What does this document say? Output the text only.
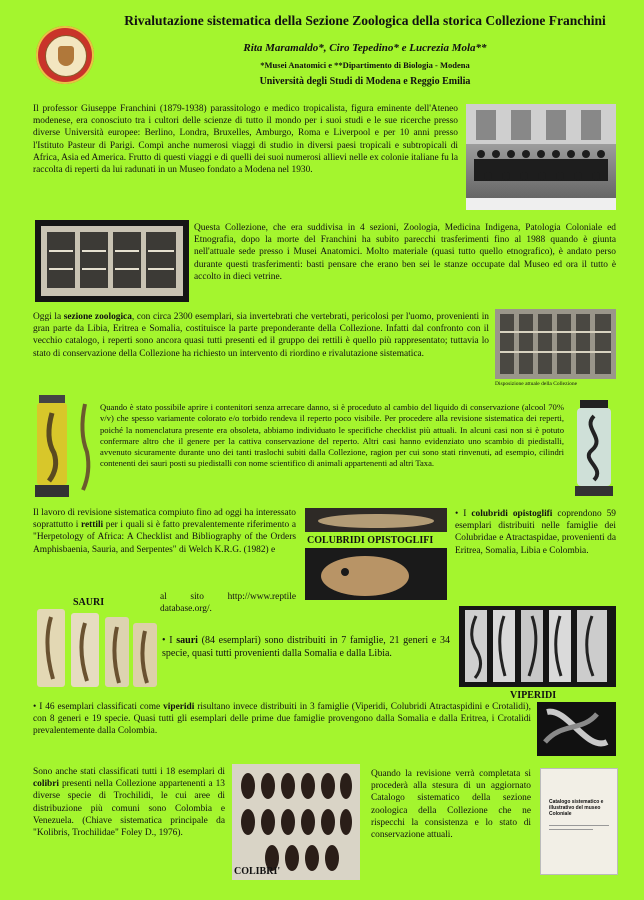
Rivalutazione sistematica della Sezione Zoologica della storica Collezione Franchini
Rita Maramaldo*, Ciro Tepedino* e Lucrezia Mola**
*Musei Anatomici e **Dipartimento di Biologia - Modena
Università degli Studi di Modena e Reggio Emilia
Il professor Giuseppe Franchini (1879-1938) parassitologo e medico tropicalista, figura eminente dell'Ateneo modenese, era conosciuto tra i cultori delle scienze di tutto il mondo per i suoi studi e le sue ricerche presso diverse Università europee: Berlino, Londra, Bruxelles, Amburgo, Roma e Liverpool e per 10 anni presso l'Istituto Pasteur di Parigi. Compì anche numerosi viaggi di studio in diversi paesi tropicali e subtropicali di Africa, Asia ed America. Frutto di questi viaggi e di quelli dei suoi numerosi allievi nelle ex colonie italiane fu la raccolta di reperti da lui radunati in un Museo fondato a Modena nel 1930.
Questa Collezione, che era suddivisa in 4 sezioni, Zoologia, Medicina Indigena, Patologia Coloniale ed Etnografia, dopo la morte del Franchini ha subito parecchi trasferimenti fino al 1988 quando è giunta nell'attuale sede presso i Musei Anatomici. Molto materiale (quasi tutto quello etnografico), è andato perso durante questi trasferimenti: basti pensare che erano ben sei le stanze occupate dal Museo ed ora il tutto è accolto in dieci vetrine.
Oggi la sezione zoologica, con circa 2300 esemplari, sia invertebrati che vertebrati, pericolosi per l'uomo, provenienti in gran parte da Libia, Eritrea e Somalia, costituisce la parte preponderante della Collezione. Infatti dal confronto con il vecchio catalogo, i reperti sono ancora quasi tutti presenti ed il gruppo dei rettili è quello più rappresentato; tuttavia lo stato di conservazione della Collezione ha richiesto un intervento di riordino e rivalutazione sistematica.
Disposizione attuale della Collezione
Quando è stato possibile aprire i contenitori senza arrecare danno, si è proceduto al cambio del liquido di conservazione (alcool 70% v/v) che spesso variamente colorato e/o torbido rendeva il reperto poco visibile. Per procedere alla revisione sistematica dei reperti, poiché la nomenclatura presente era obsoleta, abbiamo individuato le specifiche checklist più attuali. In alcuni casi non si è potuto confermare altro che il genere per la cattiva conservazione del reperto. Altri casi hanno evidenziato uno scambio di piedistalli, avvenuto sicuramente durante uno dei tanti traslochi subiti dalla Collezione, ragion per cui sono stati rinvenuti, ad esempio, cilindri contenenti dei sauri posti su piedistalli con nome scientifico di animali appartenenti ad altri Taxa.
Il lavoro di revisione sistematica compiuto fino ad oggi ha interessato soprattutto i rettili per i quali si è fatto prevalentemente riferimento a "Herpetology of Africa: A Checklist and Bibliography of the Orders Amphisbaenia, Sauria, and Serpentes" di Welch K.R.G. (1982) e
al sito http://www.reptile database.org/.
SAURI
COLUBRIDI OPISTOGLIFI
• I colubridi opistoglifi coprendono 59 esemplari distribuiti nelle famiglie dei Colubridae e Atractaspidae, provenienti da Eritrea, Somalia, Libia e Colombia.
• I sauri (84 esemplari) sono distribuiti in 7 famiglie, 21 generi e 34 specie, quasi tutti provenienti dalla Somalia e dalla Libia.
VIPERIDI
• I 46 esemplari classificati come viperidi risultano invece distribuiti in 3 famiglie (Viperidi, Colubridi Atractaspidini e Crotalidi), con 8 generi e 19 specie. Quasi tutti gli esemplari delle prime due famiglie provengono dalla Somalia e dalla Eritrea, i Crotalidi prevalentemente dalla Colombia.
Sono anche stati classificati tutti i 18 esemplari di colibri presenti nella Collezione appartenenti a 13 diverse specie di Trochilidi, le cui aree di distribuzione più comuni sono Colombia e Venezuela. (Chiave sistematica principale da "Kolibris, Trochilidae" Foley D., 1976).
COLIBRI'
Quando la revisione verrà completata si procederà alla stesura di un aggiornato Catalogo sistematico della sezione zoologica della Collezione che ne rispecchi la consistenza e lo stato di conservazione attuali.
Catalogo sistematico e illustrativo del museo Coloniale
